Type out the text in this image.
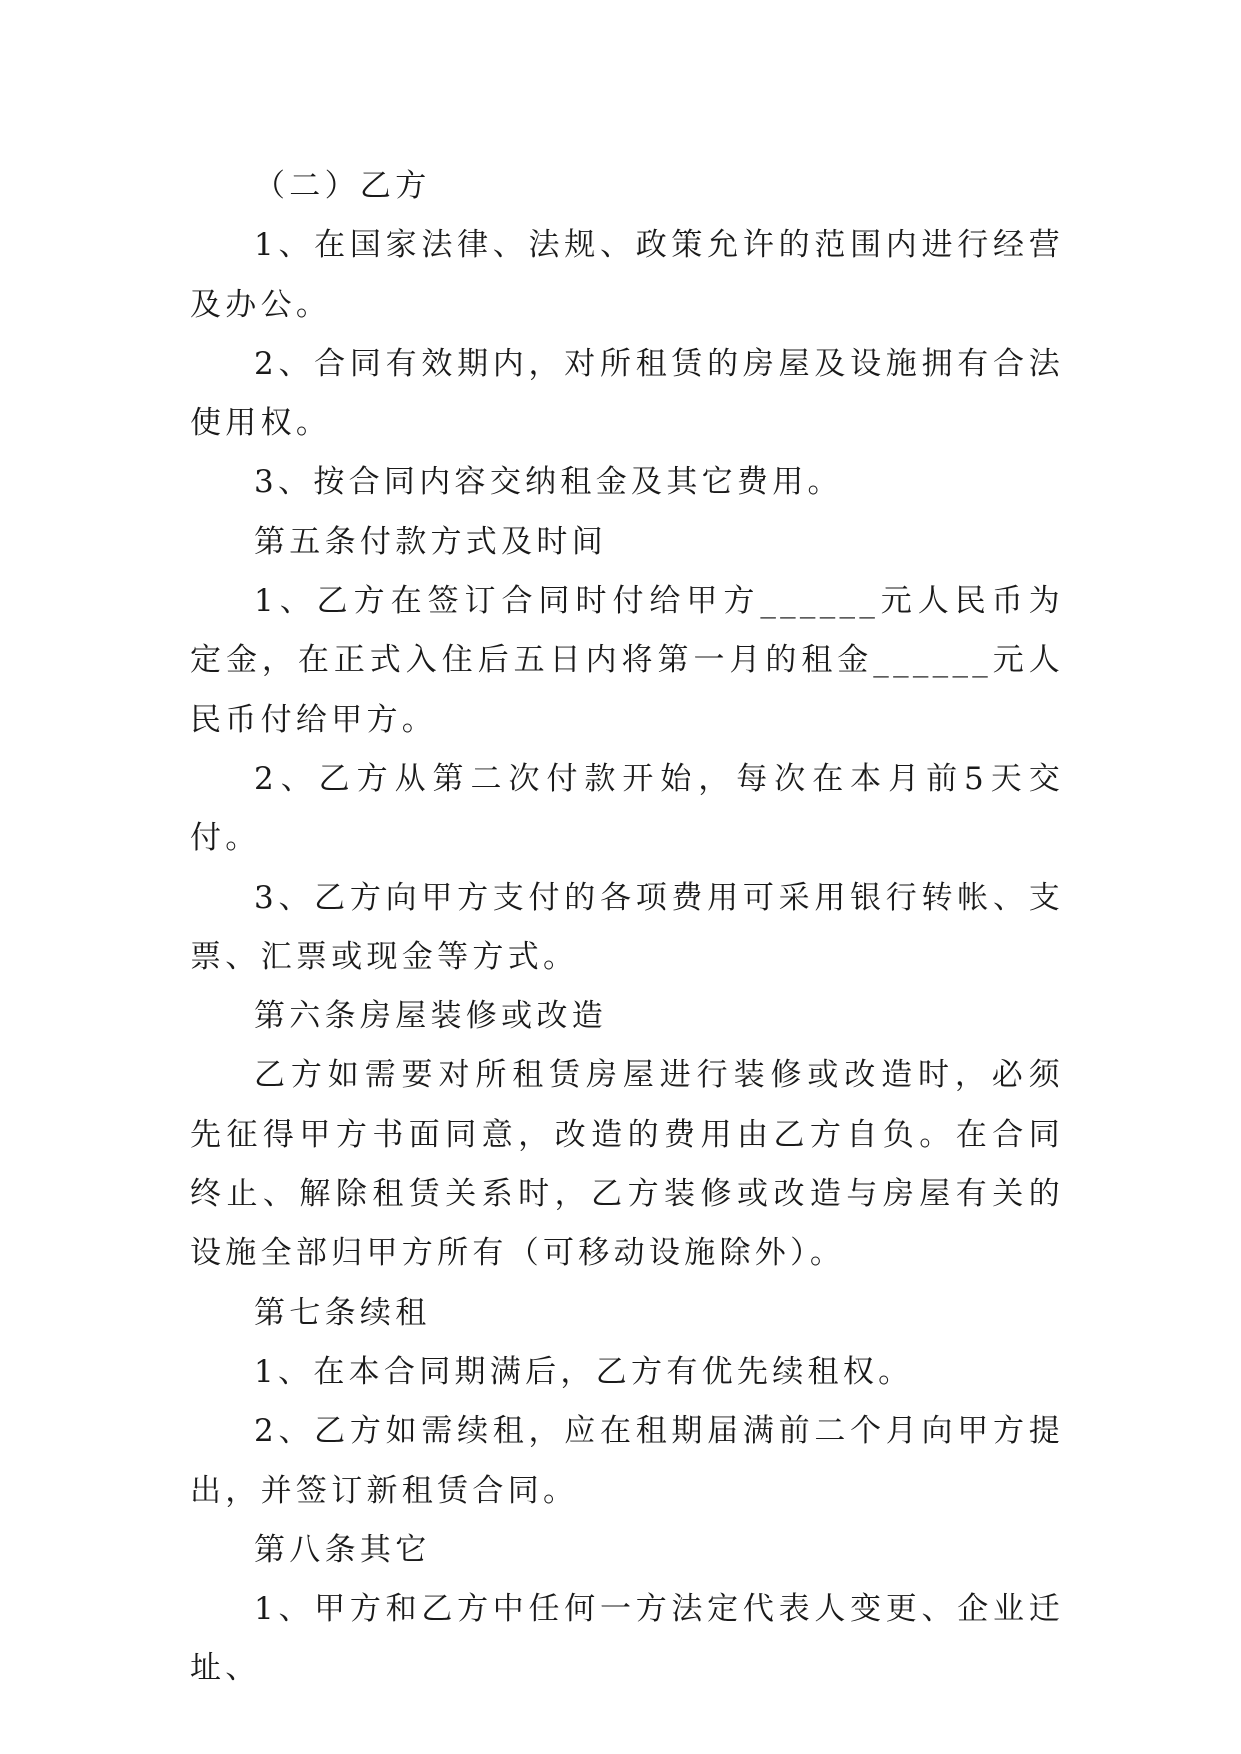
（二）乙方

1、在国家法律、法规、政策允许的范围内进行经营及办公。

2、合同有效期内，对所租赁的房屋及设施拥有合法使用权。

3、按合同内容交纳租金及其它费用。

第五条付款方式及时间

1、乙方在签订合同时付给甲方______元人民币为定金，在正式入住后五日内将第一月的租金______元人民币付给甲方。

2、乙方从第二次付款开始，每次在本月前5天交付。

3、乙方向甲方支付的各项费用可采用银行转帐、支票、汇票或现金等方式。

第六条房屋装修或改造

乙方如需要对所租赁房屋进行装修或改造时，必须先征得甲方书面同意，改造的费用由乙方自负。在合同终止、解除租赁关系时，乙方装修或改造与房屋有关的设施全部归甲方所有（可移动设施除外）。

第七条续租

1、在本合同期满后，乙方有优先续租权。

2、乙方如需续租，应在租期届满前二个月向甲方提出，并签订新租赁合同。

第八条其它

1、甲方和乙方中任何一方法定代表人变更、企业迁址、
